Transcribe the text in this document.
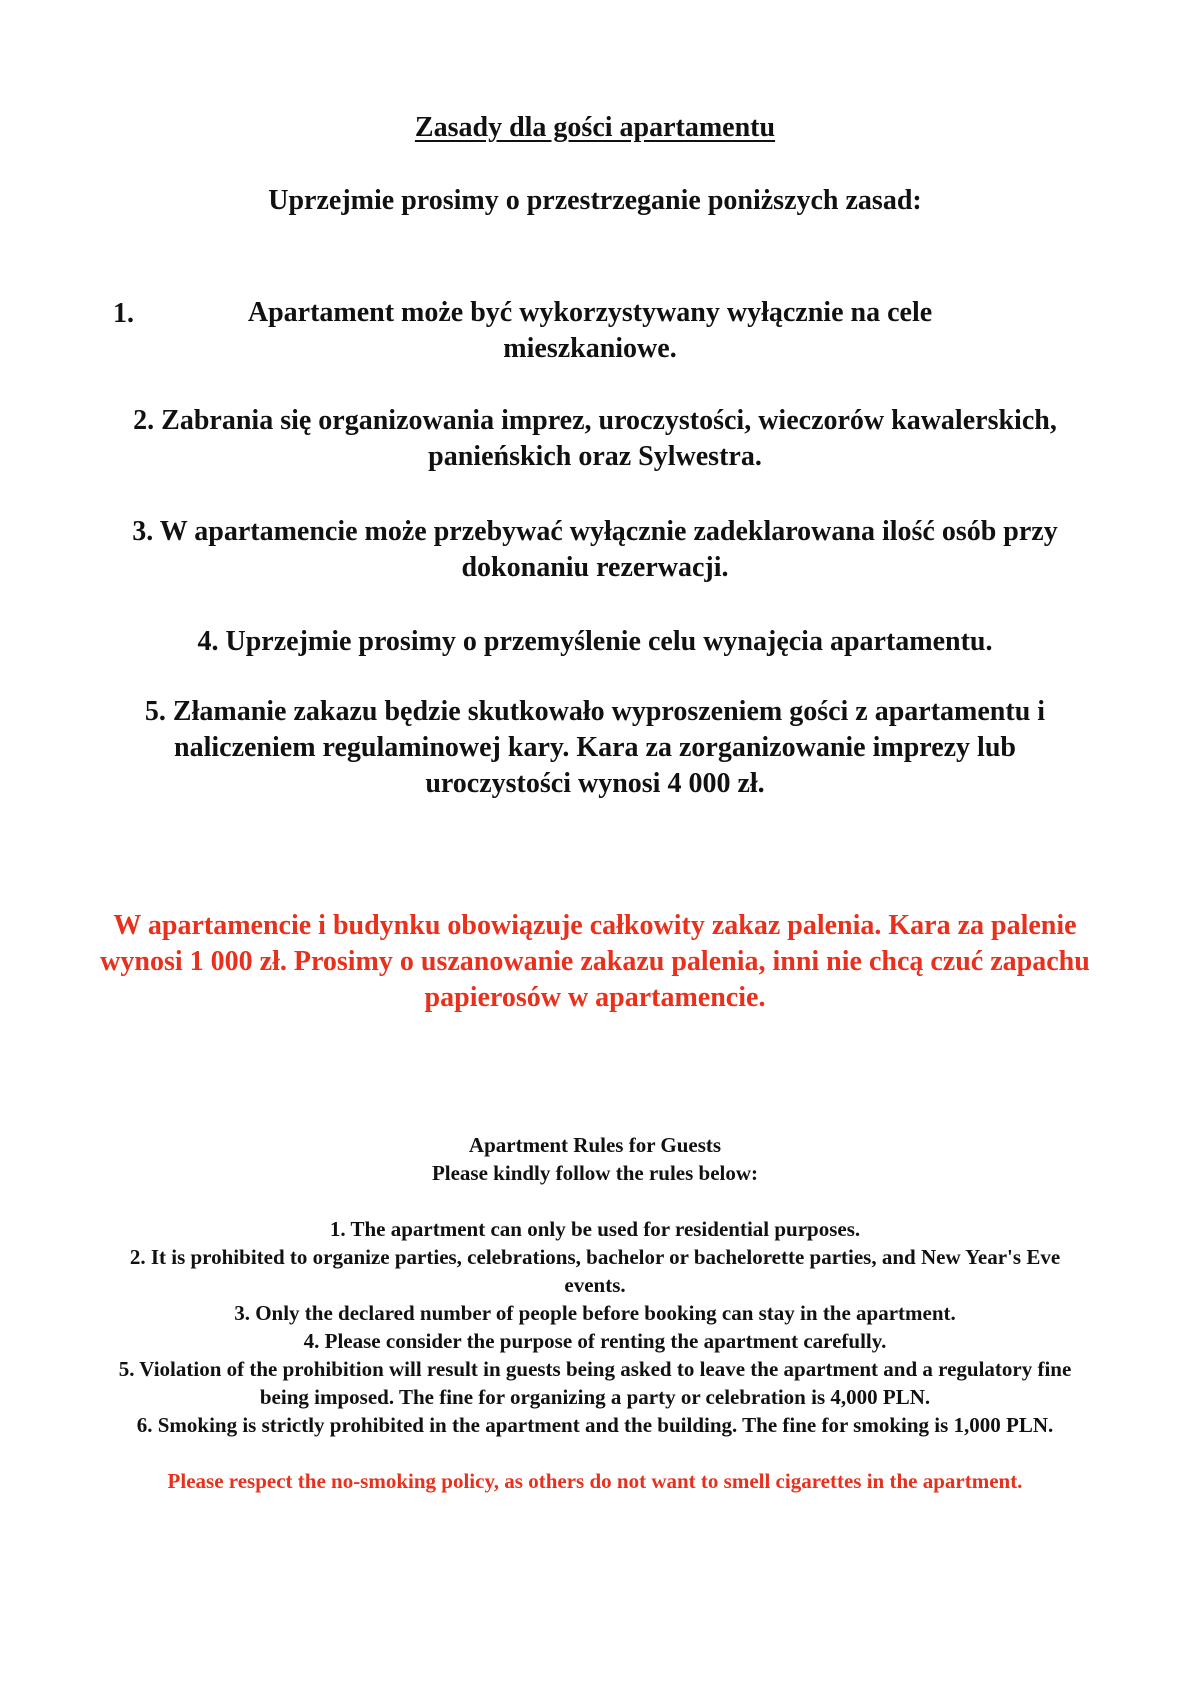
Zasady dla gości apartamentu
Uprzejmie prosimy o przestrzeganie poniższych zasad:
1.	Apartament może być wykorzystywany wyłącznie na cele mieszkaniowe.
2. Zabrania się organizowania imprez, uroczystości, wieczorów kawalerskich, panieńskich oraz Sylwestra.
3. W apartamencie może przebywać wyłącznie zadeklarowana ilość osób przy dokonaniu rezerwacji.
4. Uprzejmie prosimy o przemyślenie celu wynajęcia apartamentu.
5. Złamanie zakazu będzie skutkowało wyproszeniem gości z apartamentu i naliczeniem regulaminowej kary. Kara za zorganizowanie imprezy lub uroczystości wynosi 4 000 zł.
W apartamencie i budynku obowiązuje całkowity zakaz palenia. Kara za palenie wynosi 1 000 zł. Prosimy o uszanowanie zakazu palenia, inni nie chcą czuć zapachu papierosów w apartamencie.
Apartment Rules for Guests
Please kindly follow the rules below:
1. The apartment can only be used for residential purposes.
2. It is prohibited to organize parties, celebrations, bachelor or bachelorette parties, and New Year's Eve events.
3. Only the declared number of people before booking can stay in the apartment.
4. Please consider the purpose of renting the apartment carefully.
5. Violation of the prohibition will result in guests being asked to leave the apartment and a regulatory fine being imposed. The fine for organizing a party or celebration is 4,000 PLN.
6. Smoking is strictly prohibited in the apartment and the building. The fine for smoking is 1,000 PLN.
Please respect the no-smoking policy, as others do not want to smell cigarettes in the apartment.
